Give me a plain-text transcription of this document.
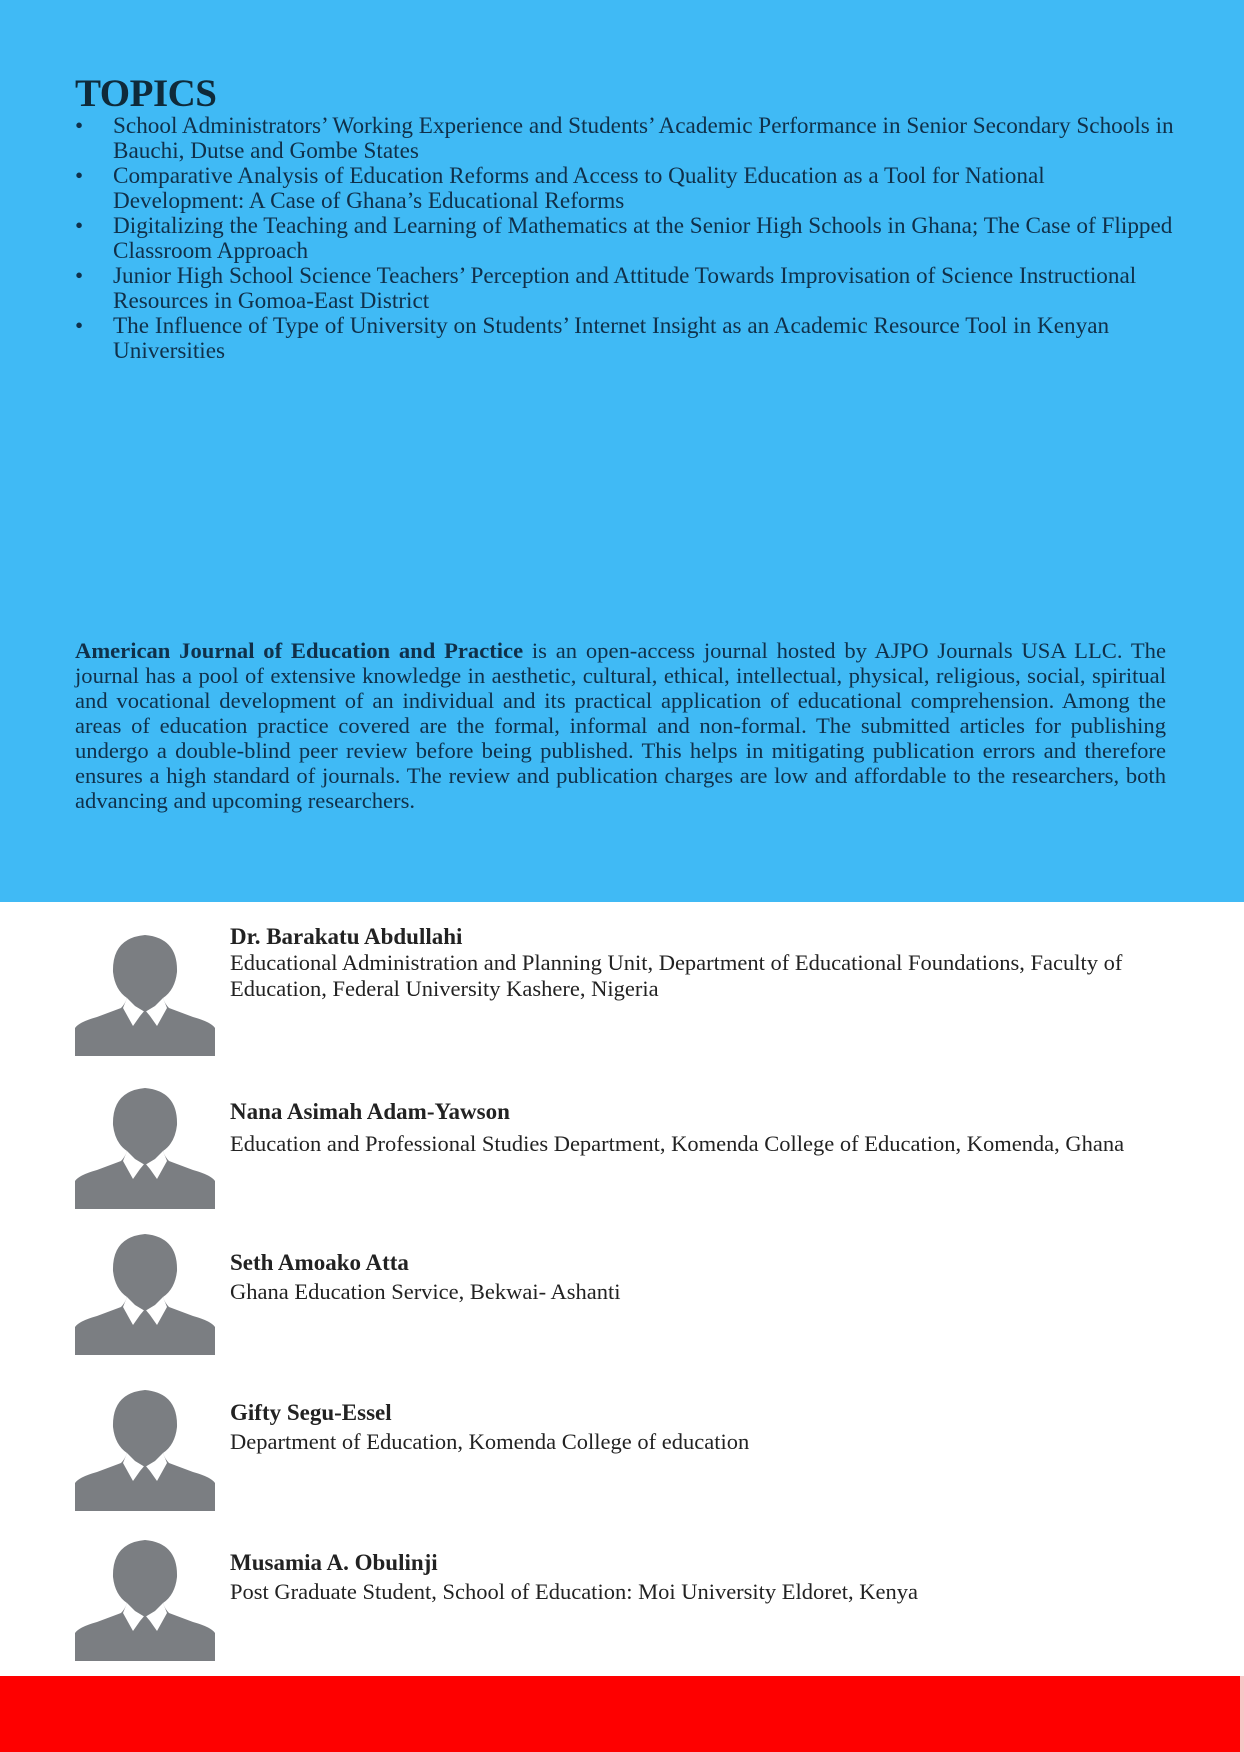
TOPICS
•	School Administrators’ Working Experience and Students’ Academic Performance in Senior Secondary Schools in Bauchi, Dutse and Gombe States
•	Comparative Analysis of Education Reforms and Access to Quality Education as a Tool for National Development: A Case of Ghana’s Educational Reforms
•	Digitalizing the Teaching and Learning of Mathematics at the Senior High Schools in Ghana; The Case of Flipped Classroom Approach
•	Junior High School Science Teachers’ Perception and Attitude Towards Improvisation of Science Instructional Resources in Gomoa-East District
•	The Influence of Type of University on Students’ Internet Insight as an Academic Resource Tool in Kenyan Universities

American Journal of Education and Practice is an open-access journal hosted by AJPO Journals USA LLC. The journal has a pool of extensive knowledge in aesthetic, cultural, ethical, intellectual, physical, religious, social, spiritual and vocational development of an individual and its practical application of educational comprehension. Among the areas of education practice covered are the formal, informal and non-formal. The submitted articles for publishing undergo a double-blind peer review before being published. This helps in mitigating publication errors and therefore ensures a high standard of journals. The review and publication charges are low and affordable to the researchers, both advancing and upcoming researchers.

Dr. Barakatu Abdullahi
Educational Administration and Planning Unit, Department of Educational Foundations, Faculty of Education, Federal University Kashere, Nigeria
Nana Asimah Adam-Yawson
Education and Professional Studies Department, Komenda College of Education, Komenda, Ghana
Seth Amoako Atta
Ghana Education Service, Bekwai- Ashanti
Gifty Segu-Essel
Department of Education, Komenda College of education
Musamia A. Obulinji
Post Graduate Student, School of Education: Moi University Eldoret, Kenya
